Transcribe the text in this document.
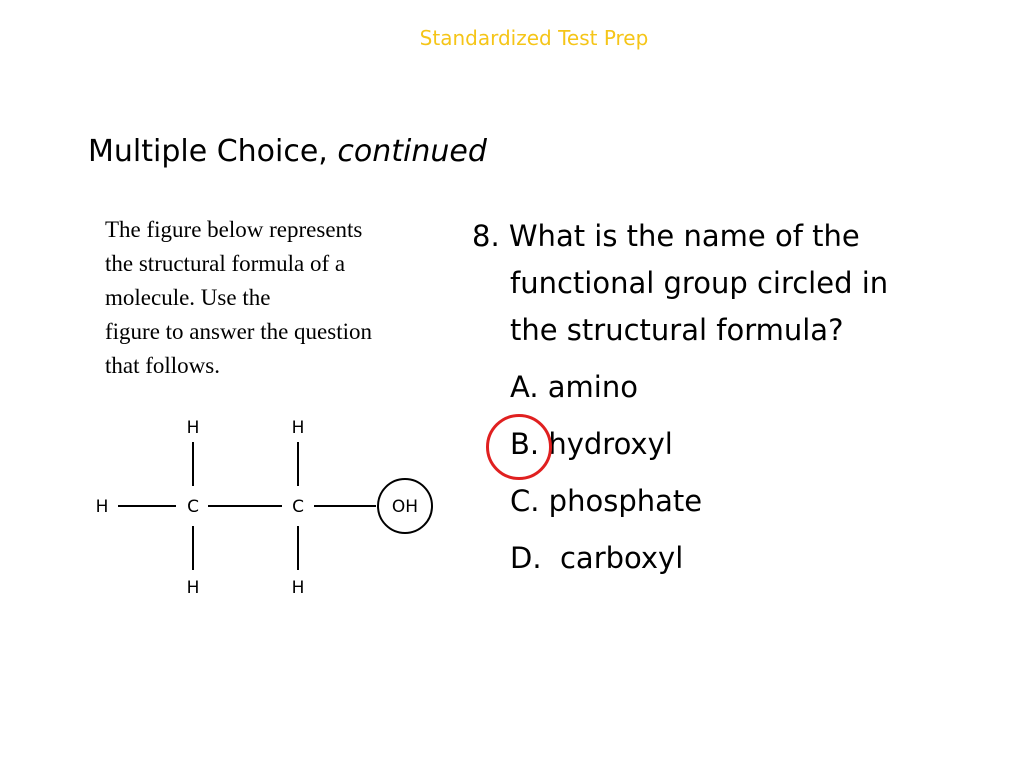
Standardized Test Prep
Multiple Choice, continued
The figure below represents
the structural formula of a
molecule. Use the
figure to answer the question
that follows.
H	H
H	C	C	OH
H	H
8. What is the name of the
functional group circled in
the structural formula?
A. amino
B. hydroxyl
C. phosphate
D.  carboxyl
